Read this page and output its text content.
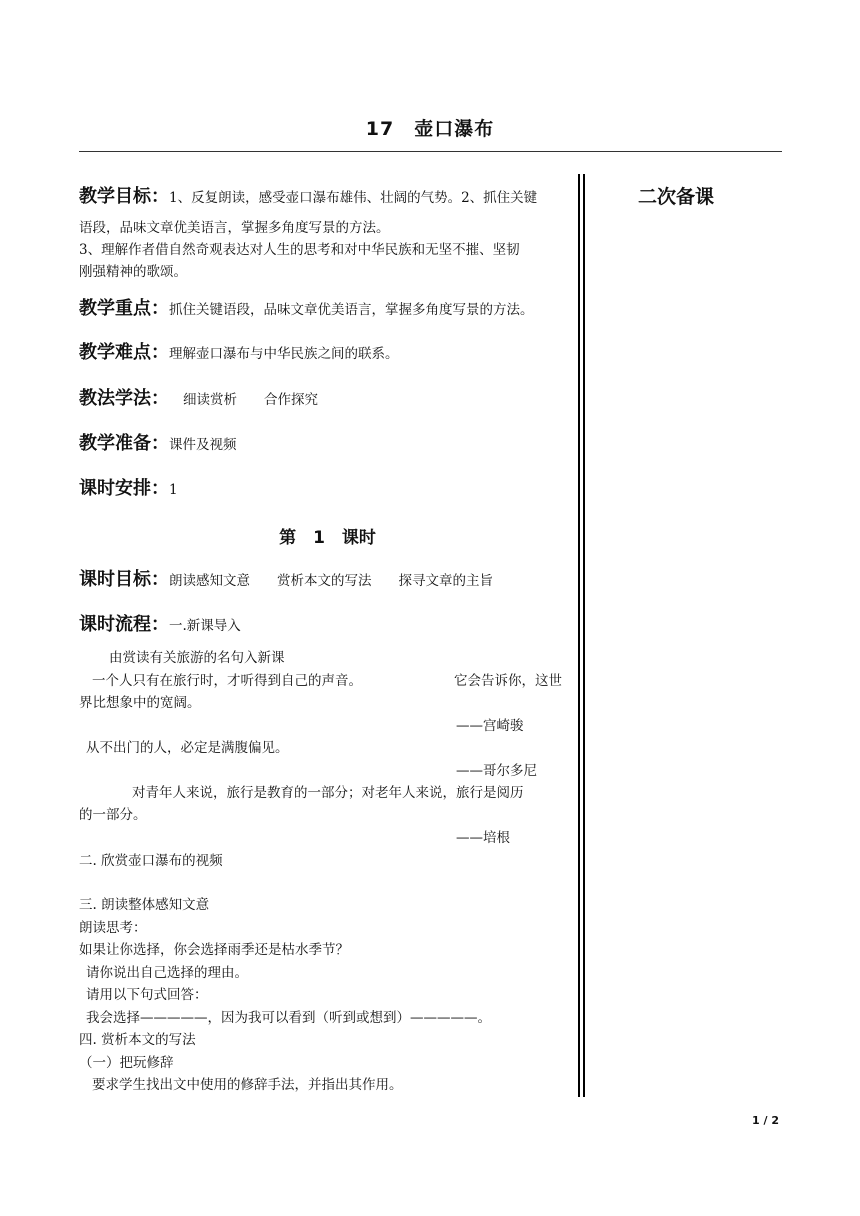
17　壶口瀑布
二次备课
教学目标：1、反复朗读，感受壶口瀑布雄伟、壮阔的气势。2、抓住关键
语段，品味文章优美语言，掌握多角度写景的方法。
3、理解作者借自然奇观表达对人生的思考和对中华民族和无坚不摧、坚韧
刚强精神的歌颂。
教学重点：抓住关键语段，品味文章优美语言，掌握多角度写景的方法。
教学难点：理解壶口瀑布与中华民族之间的联系。
教法学法： 细读赏析　　合作探究
教学准备：课件及视频
课时安排：1
第　1　课时
课时目标：朗读感知文意　　赏析本文的写法　　探寻文章的主旨
课时流程：一.新课导入
由赏读有关旅游的名句入新课
一个人只有在旅行时，才听得到自己的声音。	它会告诉你，这世
界比想象中的宽阔。
——宫崎骏
从不出门的人，必定是满腹偏见。
——哥尔多尼
对青年人来说，旅行是教育的一部分；对老年人来说，旅行是阅历
的一部分。
——培根
二. 欣赏壶口瀑布的视频
三. 朗读整体感知文意
朗读思考：
如果让你选择，你会选择雨季还是枯水季节？
请你说出自己选择的理由。
请用以下句式回答：
我会选择—————，因为我可以看到（听到或想到）—————。
四. 赏析本文的写法
（一）把玩修辞
要求学生找出文中使用的修辞手法，并指出其作用。
1 / 2
